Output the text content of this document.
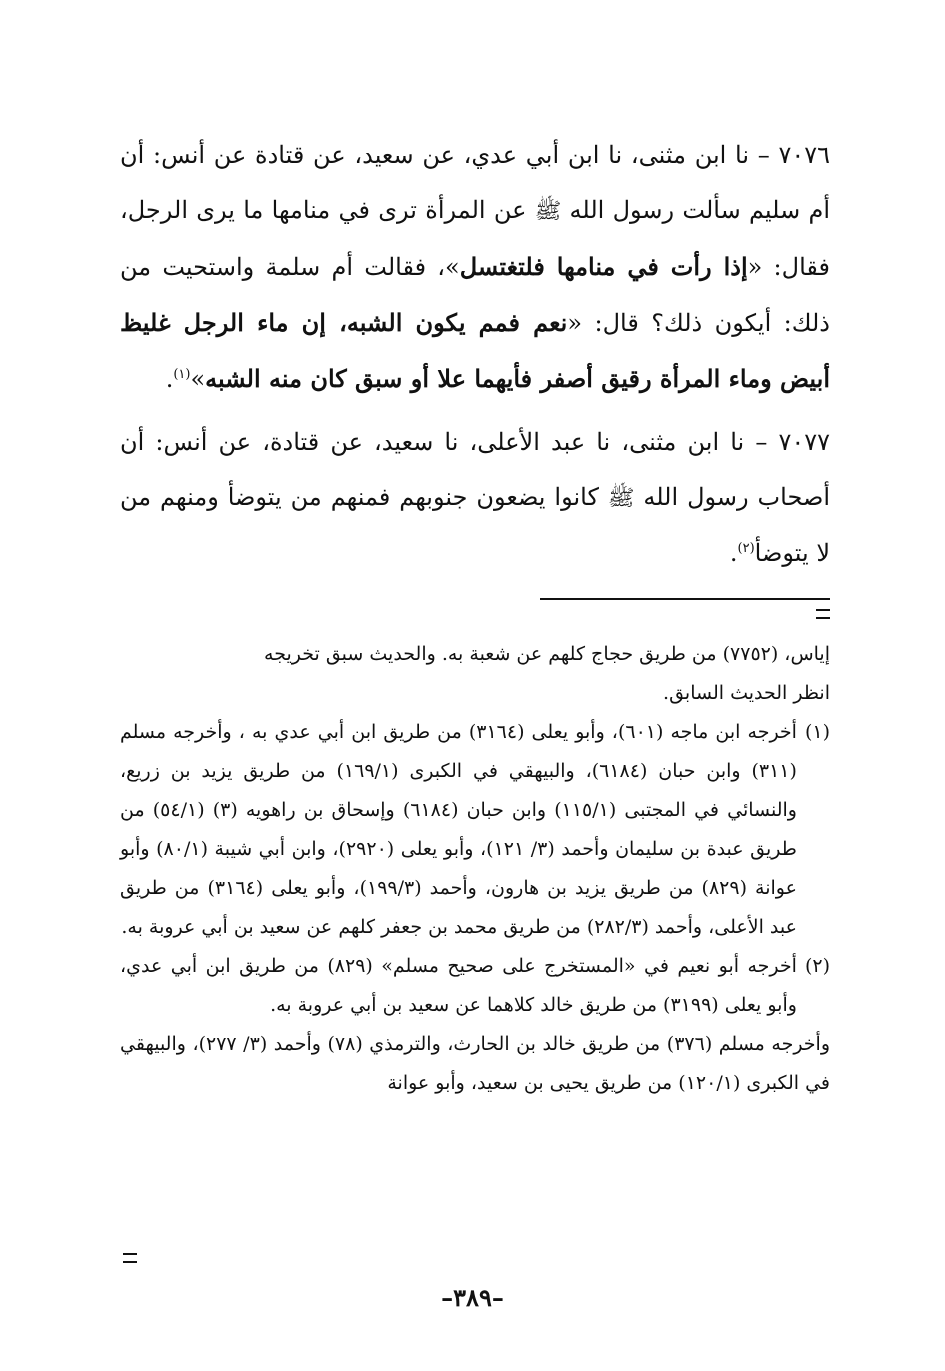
٧٠٧٦ – نا ابن مثنى، نا ابن أبي عدي، عن سعيد، عن قتادة عن أنس: أن أم سليم سألت رسول الله ﷺ عن المرأة ترى في منامها ما يرى الرجل، فقال: «إذا رأت في منامها فلتغتسل»، فقالت أم سلمة واستحيت من ذلك: أيكون ذلك؟ قال: «نعم فمم يكون الشبه، إن ماء الرجل غليظ أبيض وماء المرأة رقيق أصفر فأيهما علا أو سبق كان منه الشبه»$^{(١)}$.

٧٠٧٧ – نا ابن مثنى، نا عبد الأعلى، نا سعيد، عن قتادة، عن أنس: أن أصحاب رسول الله ﷺ كانوا يضعون جنوبهم فمنهم من يتوضأ ومنهم من لا يتوضأ$^{(٢)}$.

إياس، (٧٧٥٢) من طريق حجاج كلهم عن شعبة به. والحديث سبق تخريجه

انظر الحديث السابق.

(١)
أخرجه ابن ماجه (٦٠١)، وأبو يعلى (٣١٦٤) من طريق ابن أبي عدي به ، وأخرجه مسلم (٣١١) وابن حبان (٦١٨٤)، والبيهقي في الكبرى (١٦٩/١) من طريق يزيد بن زريع، والنسائي في المجتبى (١١٥/١) وابن حبان (٦١٨٤) وإسحاق بن راهويه (٣) (٥٤/١) من طريق عبدة بن سليمان وأحمد (٣/ ١٢١)، وأبو يعلى (٢٩٢٠)، وابن أبي شيبة (٨٠/١) وأبو عوانة (٨٢٩) من طريق يزيد بن هارون، وأحمد (١٩٩/٣)، وأبو يعلى (٣١٦٤) من طريق عبد الأعلى، وأحمد (٢٨٢/٣) من طريق محمد بن جعفر كلهم عن سعيد بن أبي عروبة به.
(٢)
أخرجه أبو نعيم في «المستخرج على صحيح مسلم» (٨٢٩) من طريق ابن أبي عدي، وأبو يعلى (٣١٩٩) من طريق خالد كلاهما عن سعيد بن أبي عروبة به.

وأخرجه مسلم (٣٧٦) من طريق خالد بن الحارث، والترمذي (٧٨) وأحمد (٣/ ٢٧٧)، والبيهقي في الكبرى (١٢٠/١) من طريق يحيى بن سعيد، وأبو عوانة

–٣٨٩–
